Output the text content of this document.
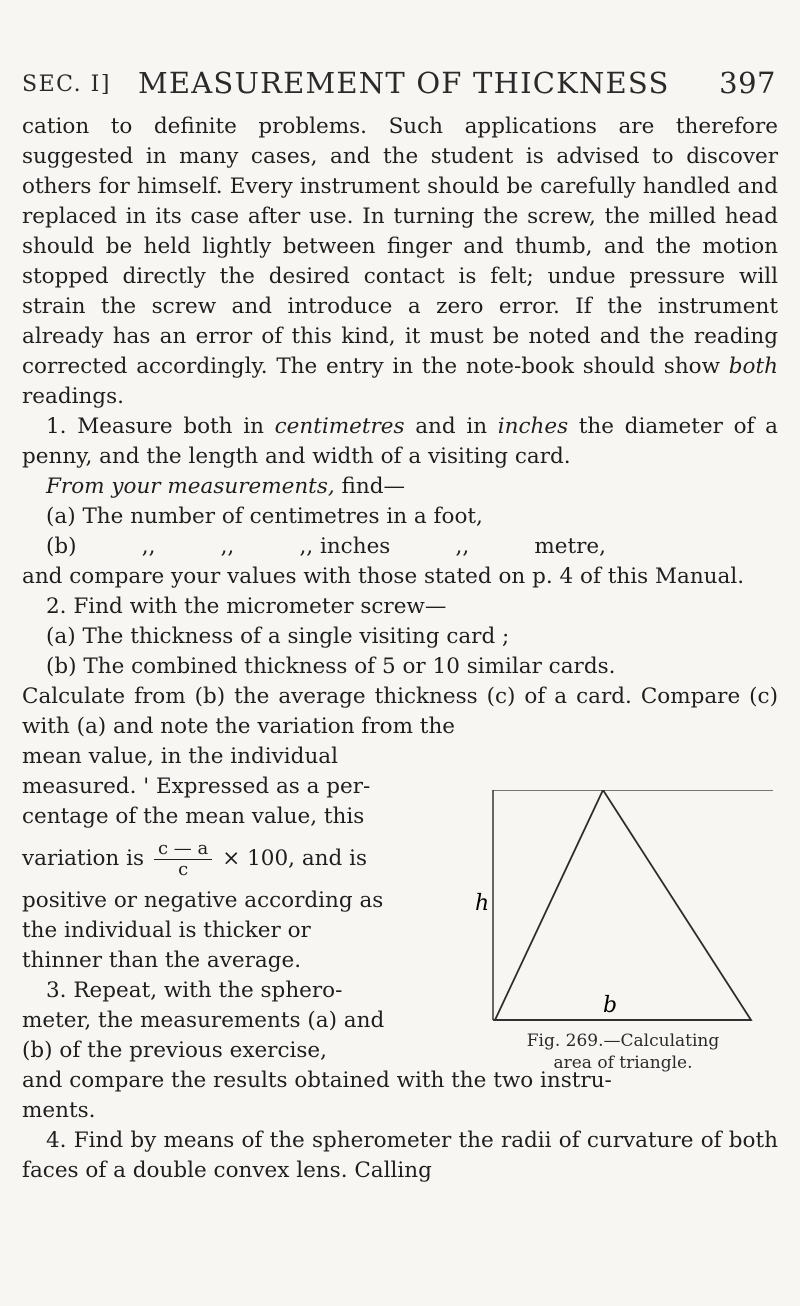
SEC. I] MEASUREMENT OF THICKNESS 397

cation to definite problems. Such applications are therefore suggested in many cases, and the student is advised to discover others for himself. Every instrument should be carefully handled and replaced in its case after use. In turning the screw, the milled head should be held lightly between finger and thumb, and the motion stopped directly the desired contact is felt; undue pressure will strain the screw and introduce a zero error. If the instrument already has an error of this kind, it must be noted and the reading corrected accordingly. The entry in the note-book should show both readings.

1. Measure both in centimetres and in inches the diameter of a penny, and the length and width of a visiting card.

From your measurements, find—

(a) The number of centimetres in a foot,

(b)	,,	,,	,, inches	,,	metre,

and compare your values with those stated on p. 4 of this Manual.

2. Find with the micrometer screw—

(a) The thickness of a single visiting card ;

(b) The combined thickness of 5 or 10 similar cards.

Calculate from (b) the average thickness (c) of a card. Compare (c) with (a) and note the variation from the

mean value, in the individual

measured. ' Expressed as a per-

centage of the mean value, this

variation is $\frac{c — a}{c} \times 100$, and is

positive or negative according as

the individual is thicker or

thinner than the average.

3. Repeat, with the sphero-

meter, the measurements (a) and

(b) of the previous exercise,

and compare the results obtained with the two instru-

ments.

4. Find by means of the spherometer the radii of curvature of both faces of a double convex lens. Calling

h
b
Fig. 269.—Calculating
area of triangle.
